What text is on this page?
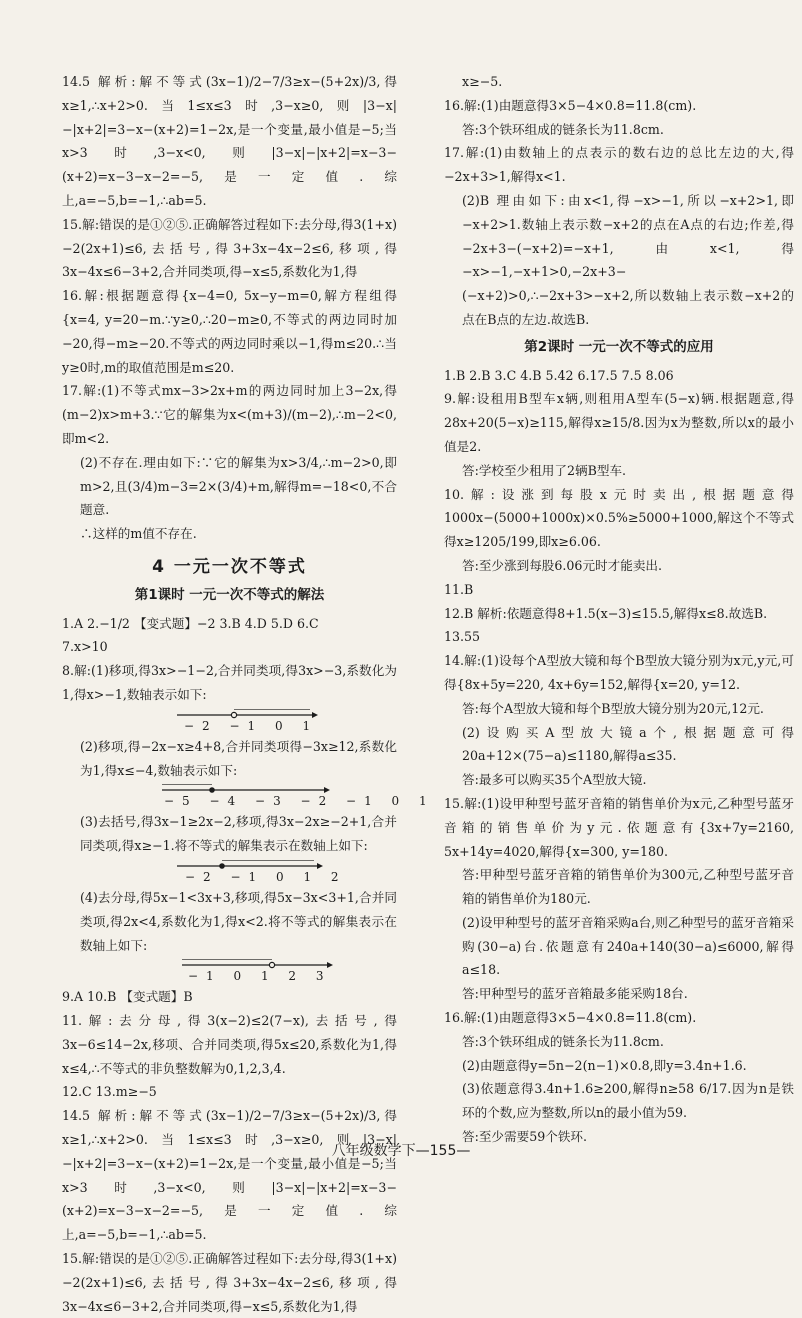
14.5 解析:解不等式(3x−1)/2−7/3≥x−(5+2x)/3,得x≥1,∴x+2>0.当1≤x≤3时,3−x≥0,则|3−x|−|x+2|=3−x−(x+2)=1−2x,是一个变量,最小值是−5;当x>3时,3−x<0,则|3−x|−|x+2|=x−3−(x+2)=x−3−x−2=−5,是一定值.综上,a=−5,b=−1,∴ab=5.

15.解:错误的是①②⑤.正确解答过程如下:去分母,得3(1+x)−2(2x+1)≤6,去括号,得3+3x−4x−2≤6,移项,得3x−4x≤6−3+2,合并同类项,得−x≤5,系数化为1,得

16.解:根据题意得{x−4=0, 5x−y−m=0,解方程组得{x=4, y=20−m.∵y≥0,∴20−m≥0,不等式的两边同时加−20,得−m≥−20.不等式的两边同时乘以−1,得m≤20.∴当y≥0时,m的取值范围是m≤20.

17.解:(1)不等式mx−3>2x+m的两边同时加上3−2x,得(m−2)x>m+3.∵它的解集为x<(m+3)/(m−2),∴m−2<0,即m<2.

(2)不存在.理由如下:∵它的解集为x>3/4,∴m−2>0,即m>2,且(3/4)m−3=2×(3/4)+m,解得m=−18<0,不合题意.

∴这样的m值不存在.

4 一元一次不等式
第1课时 一元一次不等式的解法

1.A 2.−1/2 【变式题】−2 3.B 4.D 5.D 6.C

7.x>10

8.解:(1)移项,得3x>−1−2,合并同类项,得3x>−3,系数化为1,得x>−1,数轴表示如下:

−2 −1 0 1

(2)移项,得−2x−x≥4+8,合并同类项得−3x≥12,系数化为1,得x≤−4,数轴表示如下:

−5 −4 −3 −2 −1 0 1

(3)去括号,得3x−1≥2x−2,移项,得3x−2x≥−2+1,合并同类项,得x≥−1.将不等式的解集表示在数轴上如下:

−2 −1 0 1 2

(4)去分母,得5x−1<3x+3,移项,得5x−3x<3+1,合并同类项,得2x<4,系数化为1,得x<2.将不等式的解集表示在数轴上如下:

−1 0 1 2 3

9.A 10.B 【变式题】B

11.解:去分母,得3(x−2)≤2(7−x),去括号,得3x−6≤14−2x,移项、合并同类项,得5x≤20,系数化为1,得x≤4,∴不等式的非负整数解为0,1,2,3,4.

12.C 13.m≥−5

14.5 解析:解不等式(3x−1)/2−7/3≥x−(5+2x)/3,得x≥1,∴x+2>0.当1≤x≤3时,3−x≥0,则|3−x|−|x+2|=3−x−(x+2)=1−2x,是一个变量,最小值是−5;当x>3时,3−x<0,则|3−x|−|x+2|=x−3−(x+2)=x−3−x−2=−5,是一定值.综上,a=−5,b=−1,∴ab=5.

15.解:错误的是①②⑤.正确解答过程如下:去分母,得3(1+x)−2(2x+1)≤6,去括号,得3+3x−4x−2≤6,移项,得3x−4x≤6−3+2,合并同类项,得−x≤5,系数化为1,得

x≥−5.

16.解:(1)由题意得3×5−4×0.8=11.8(cm).

答:3个铁环组成的链条长为11.8cm.

17.解:(1)由数轴上的点表示的数右边的总比左边的大,得−2x+3>1,解得x<1.

(2)B 理由如下:由x<1,得−x>−1,所以−x+2>1,即−x+2>1.数轴上表示数−x+2的点在A点的右边;作差,得−2x+3−(−x+2)=−x+1,由x<1,得−x>−1,−x+1>0,−2x+3−(−x+2)>0,∴−2x+3>−x+2,所以数轴上表示数−x+2的点在B点的左边.故选B.

第2课时 一元一次不等式的应用

1.B 2.B 3.C 4.B 5.42 6.17.5 7.5 8.06

9.解:设租用B型车x辆,则租用A型车(5−x)辆.根据题意,得28x+20(5−x)≥115,解得x≥15/8.因为x为整数,所以x的最小值是2.

答:学校至少租用了2辆B型车.

10.解:设涨到每股x元时卖出,根据题意得1000x−(5000+1000x)×0.5%≥5000+1000,解这个不等式得x≥1205/199,即x≥6.06.

答:至少涨到每股6.06元时才能卖出.

11.B

12.B 解析:依题意得8+1.5(x−3)≤15.5,解得x≤8.故选B.

13.55

14.解:(1)设每个A型放大镜和每个B型放大镜分别为x元,y元,可得{8x+5y=220, 4x+6y=152,解得{x=20, y=12.

答:每个A型放大镜和每个B型放大镜分别为20元,12元.

(2)设购买A型放大镜a个,根据题意可得20a+12×(75−a)≤1180,解得a≤35.

答:最多可以购买35个A型放大镜.

15.解:(1)设甲种型号蓝牙音箱的销售单价为x元,乙种型号蓝牙音箱的销售单价为y元.依题意有{3x+7y=2160, 5x+14y=4020,解得{x=300, y=180.

答:甲种型号蓝牙音箱的销售单价为300元,乙种型号蓝牙音箱的销售单价为180元.

(2)设甲种型号的蓝牙音箱采购a台,则乙种型号的蓝牙音箱采购(30−a)台.依题意有240a+140(30−a)≤6000,解得a≤18.

答:甲种型号的蓝牙音箱最多能采购18台.

16.解:(1)由题意得3×5−4×0.8=11.8(cm).

答:3个铁环组成的链条长为11.8cm.

(2)由题意得y=5n−2(n−1)×0.8,即y=3.4n+1.6.

(3)依题意得3.4n+1.6≥200,解得n≥58 6/17.因为n是铁环的个数,应为整数,所以n的最小值为59.

答:至少需要59个铁环.

八年级数学下—155—
